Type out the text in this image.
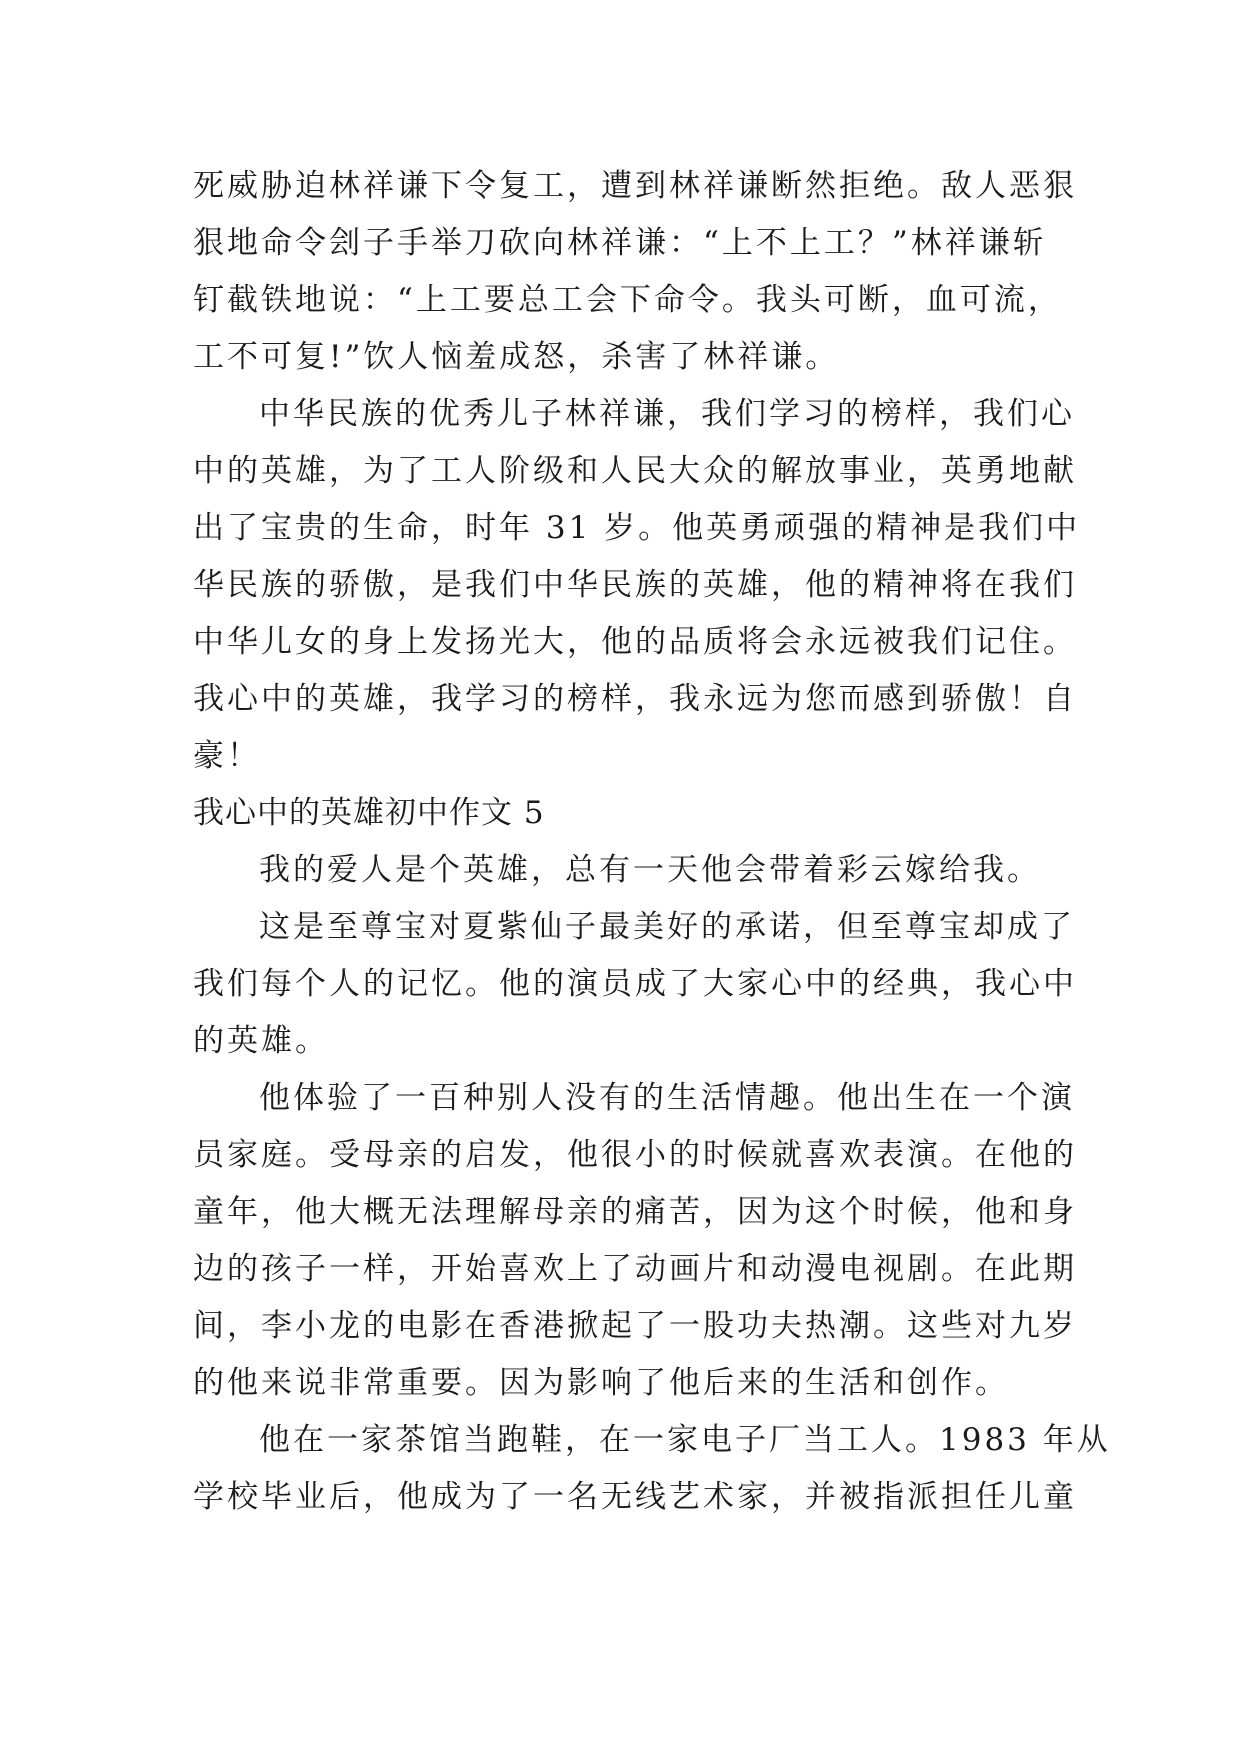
死威胁迫林祥谦下令复工，遭到林祥谦断然拒绝。敌人恶狠
狠地命令刽子手举刀砍向林祥谦：“上不上工？”林祥谦斩
钉截铁地说：“上工要总工会下命令。我头可断，血可流，
工不可复!”饮人恼羞成怒，杀害了林祥谦。
中华民族的优秀儿子林祥谦，我们学习的榜样，我们心
中的英雄，为了工人阶级和人民大众的解放事业，英勇地献
出了宝贵的生命，时年 31 岁。他英勇顽强的精神是我们中
华民族的骄傲，是我们中华民族的英雄，他的精神将在我们
中华儿女的身上发扬光大，他的品质将会永远被我们记住。
我心中的英雄，我学习的榜样，我永远为您而感到骄傲！自
豪！
我心中的英雄初中作文 5
我的爱人是个英雄，总有一天他会带着彩云嫁给我。
这是至尊宝对夏紫仙子最美好的承诺，但至尊宝却成了
我们每个人的记忆。他的演员成了大家心中的经典，我心中
的英雄。
他体验了一百种别人没有的生活情趣。他出生在一个演
员家庭。受母亲的启发，他很小的时候就喜欢表演。在他的
童年，他大概无法理解母亲的痛苦，因为这个时候，他和身
边的孩子一样，开始喜欢上了动画片和动漫电视剧。在此期
间，李小龙的电影在香港掀起了一股功夫热潮。这些对九岁
的他来说非常重要。因为影响了他后来的生活和创作。
他在一家茶馆当跑鞋，在一家电子厂当工人。1983 年从
学校毕业后，他成为了一名无线艺术家，并被指派担任儿童
